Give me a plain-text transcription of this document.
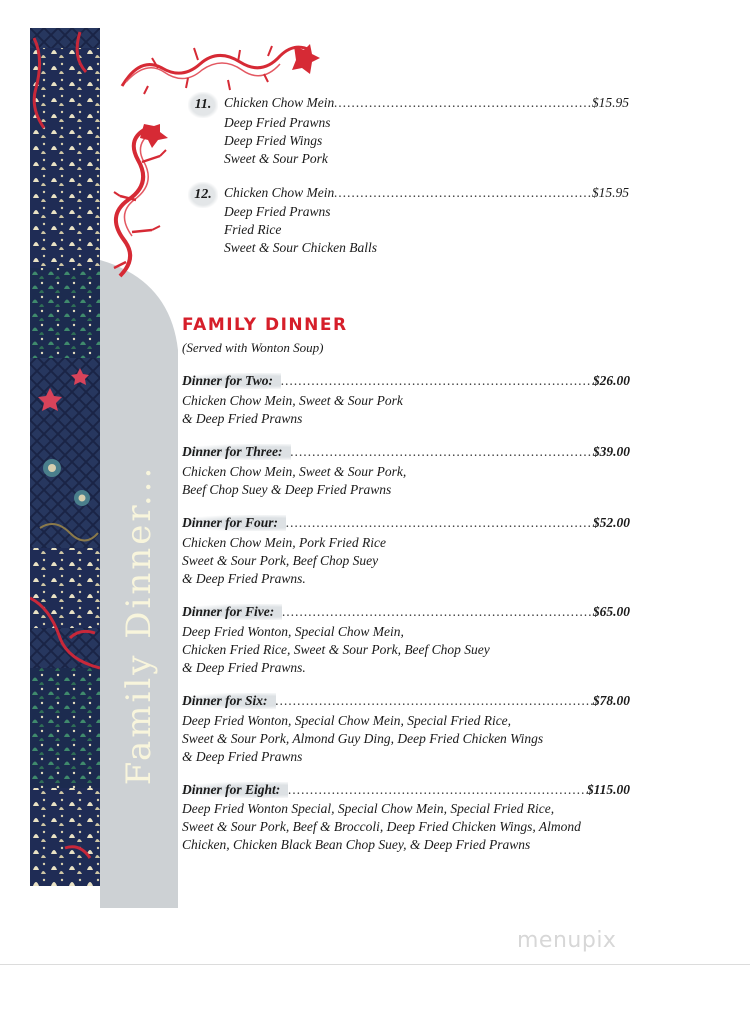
Family Dinner...
11. Chicken Chow Mein .....	$15.95
Deep Fried Prawns
Deep Fried Wings
Sweet & Sour Pork
12. Chicken Chow Mein .....	$15.95
Deep Fried Prawns
Fried Rice
Sweet & Sour Chicken Balls
FAMILY DINNER
(Served with Wonton Soup)
Dinner for Two: .....	$26.00
Chicken Chow Mein, Sweet & Sour Pork
& Deep Fried Prawns
Dinner for Three: .....	$39.00
Chicken Chow Mein, Sweet & Sour Pork,
Beef Chop Suey & Deep Fried Prawns
Dinner for Four: .....	$52.00
Chicken Chow Mein, Pork Fried Rice
Sweet & Sour Pork, Beef Chop Suey
& Deep Fried Prawns.
Dinner for Five: .....	$65.00
Deep Fried Wonton, Special Chow Mein,
Chicken Fried Rice, Sweet & Sour Pork, Beef Chop Suey
& Deep Fried Prawns.
Dinner for Six: .....	$78.00
Deep Fried Wonton, Special Chow Mein, Special Fried Rice,
Sweet & Sour Pork, Almond Guy Ding, Deep Fried Chicken Wings
& Deep Fried Prawns
Dinner for Eight: .....	$115.00
Deep Fried Wonton Special, Special Chow Mein, Special Fried Rice,
Sweet & Sour Pork, Beef & Broccoli, Deep Fried Chicken Wings, Almond
Chicken, Chicken Black Bean Chop Suey, & Deep Fried Prawns
menupix
